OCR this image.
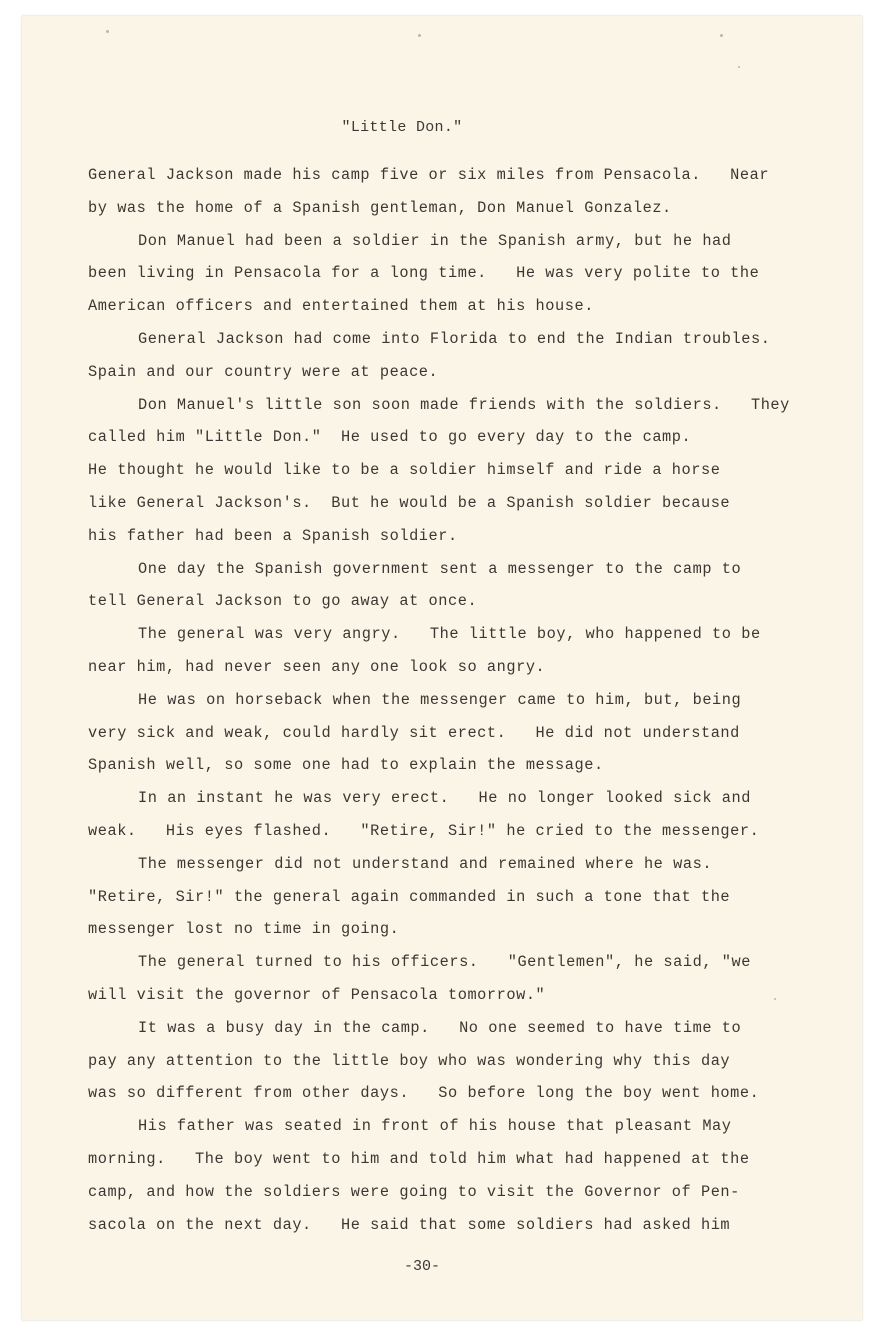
"Little Don."
General Jackson made his camp five or six miles from Pensacola.   Near
by was the home of a Spanish gentleman, Don Manuel Gonzalez.
Don Manuel had been a soldier in the Spanish army, but he had
been living in Pensacola for a long time.   He was very polite to the
American officers and entertained them at his house.
General Jackson had come into Florida to end the Indian troubles.
Spain and our country were at peace.
Don Manuel's little son soon made friends with the soldiers.   They
called him "Little Don."  He used to go every day to the camp.
He thought he would like to be a soldier himself and ride a horse
like General Jackson's.  But he would be a Spanish soldier because
his father had been a Spanish soldier.
One day the Spanish government sent a messenger to the camp to
tell General Jackson to go away at once.
The general was very angry.   The little boy, who happened to be
near him, had never seen any one look so angry.
He was on horseback when the messenger came to him, but, being
very sick and weak, could hardly sit erect.   He did not understand
Spanish well, so some one had to explain the message.
In an instant he was very erect.   He no longer looked sick and
weak.   His eyes flashed.   "Retire, Sir!" he cried to the messenger.
The messenger did not understand and remained where he was.
"Retire, Sir!" the general again commanded in such a tone that the
messenger lost no time in going.
The general turned to his officers.   "Gentlemen", he said, "we
will visit the governor of Pensacola tomorrow."
It was a busy day in the camp.   No one seemed to have time to
pay any attention to the little boy who was wondering why this day
was so different from other days.   So before long the boy went home.
His father was seated in front of his house that pleasant May
morning.   The boy went to him and told him what had happened at the
camp, and how the soldiers were going to visit the Governor of Pen-
sacola on the next day.   He said that some soldiers had asked him
-30-
